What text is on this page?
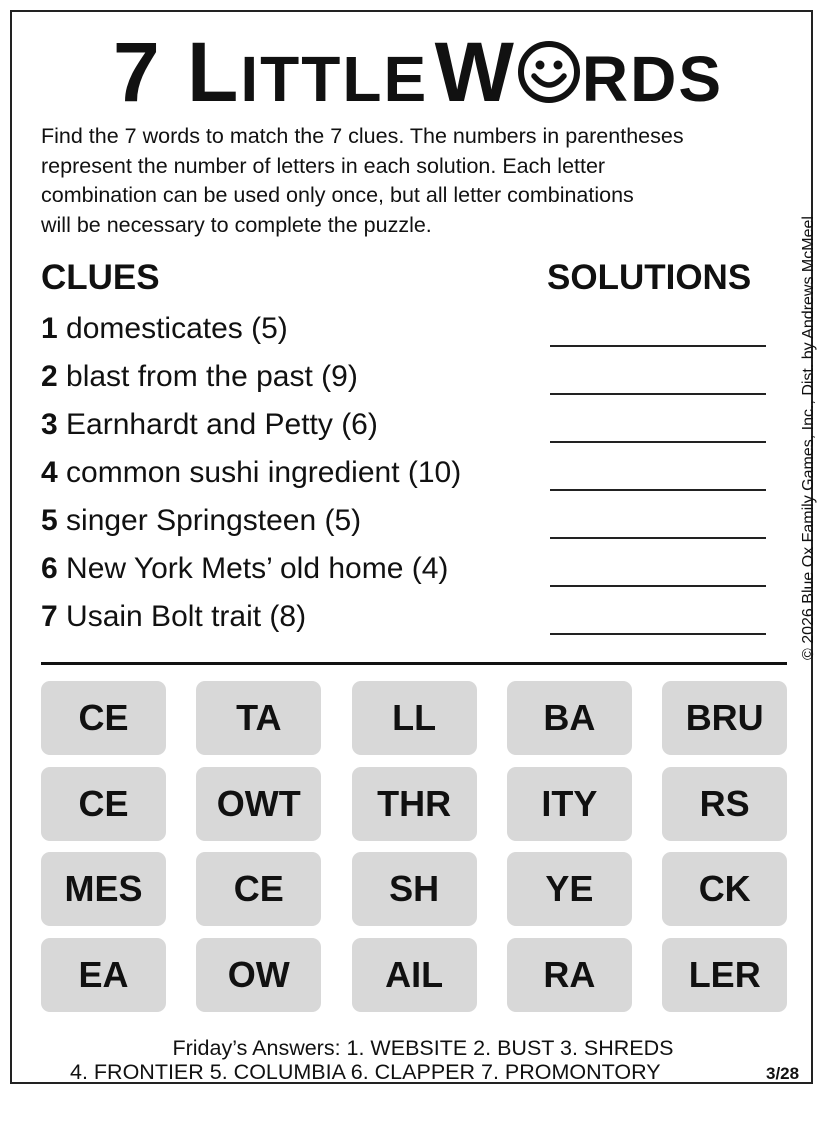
7 LITTLE W RDS

Find the 7 words to match the 7 clues. The numbers in parentheses

represent the number of letters in each solution. Each letter

combination can be used only once, but all letter combinations

will be necessary to complete the puzzle.	© 2026 Blue Ox Family Games, Inc., Dist. by Andrews McMeel
CLUES	SOLUTIONS
1 domesticates (5)
2 blast from the past (9)
3 Earnhardt and Petty (6)
4 common sushi ingredient (10)
5 singer Springsteen (5)
6 New York Mets’ old home (4)
7 Usain Bolt trait (8)
CE	TA	LL	BA	BRU
CE	OWT	THR	ITY	RS
MES	CE	SH	YE	CK
EA	OW	AIL	RA	LER
Friday’s Answers: 1. WEBSITE 2. BUST 3. SHREDS
4. FRONTIER 5. COLUMBIA 6. CLAPPER 7. PROMONTORY	3/28
